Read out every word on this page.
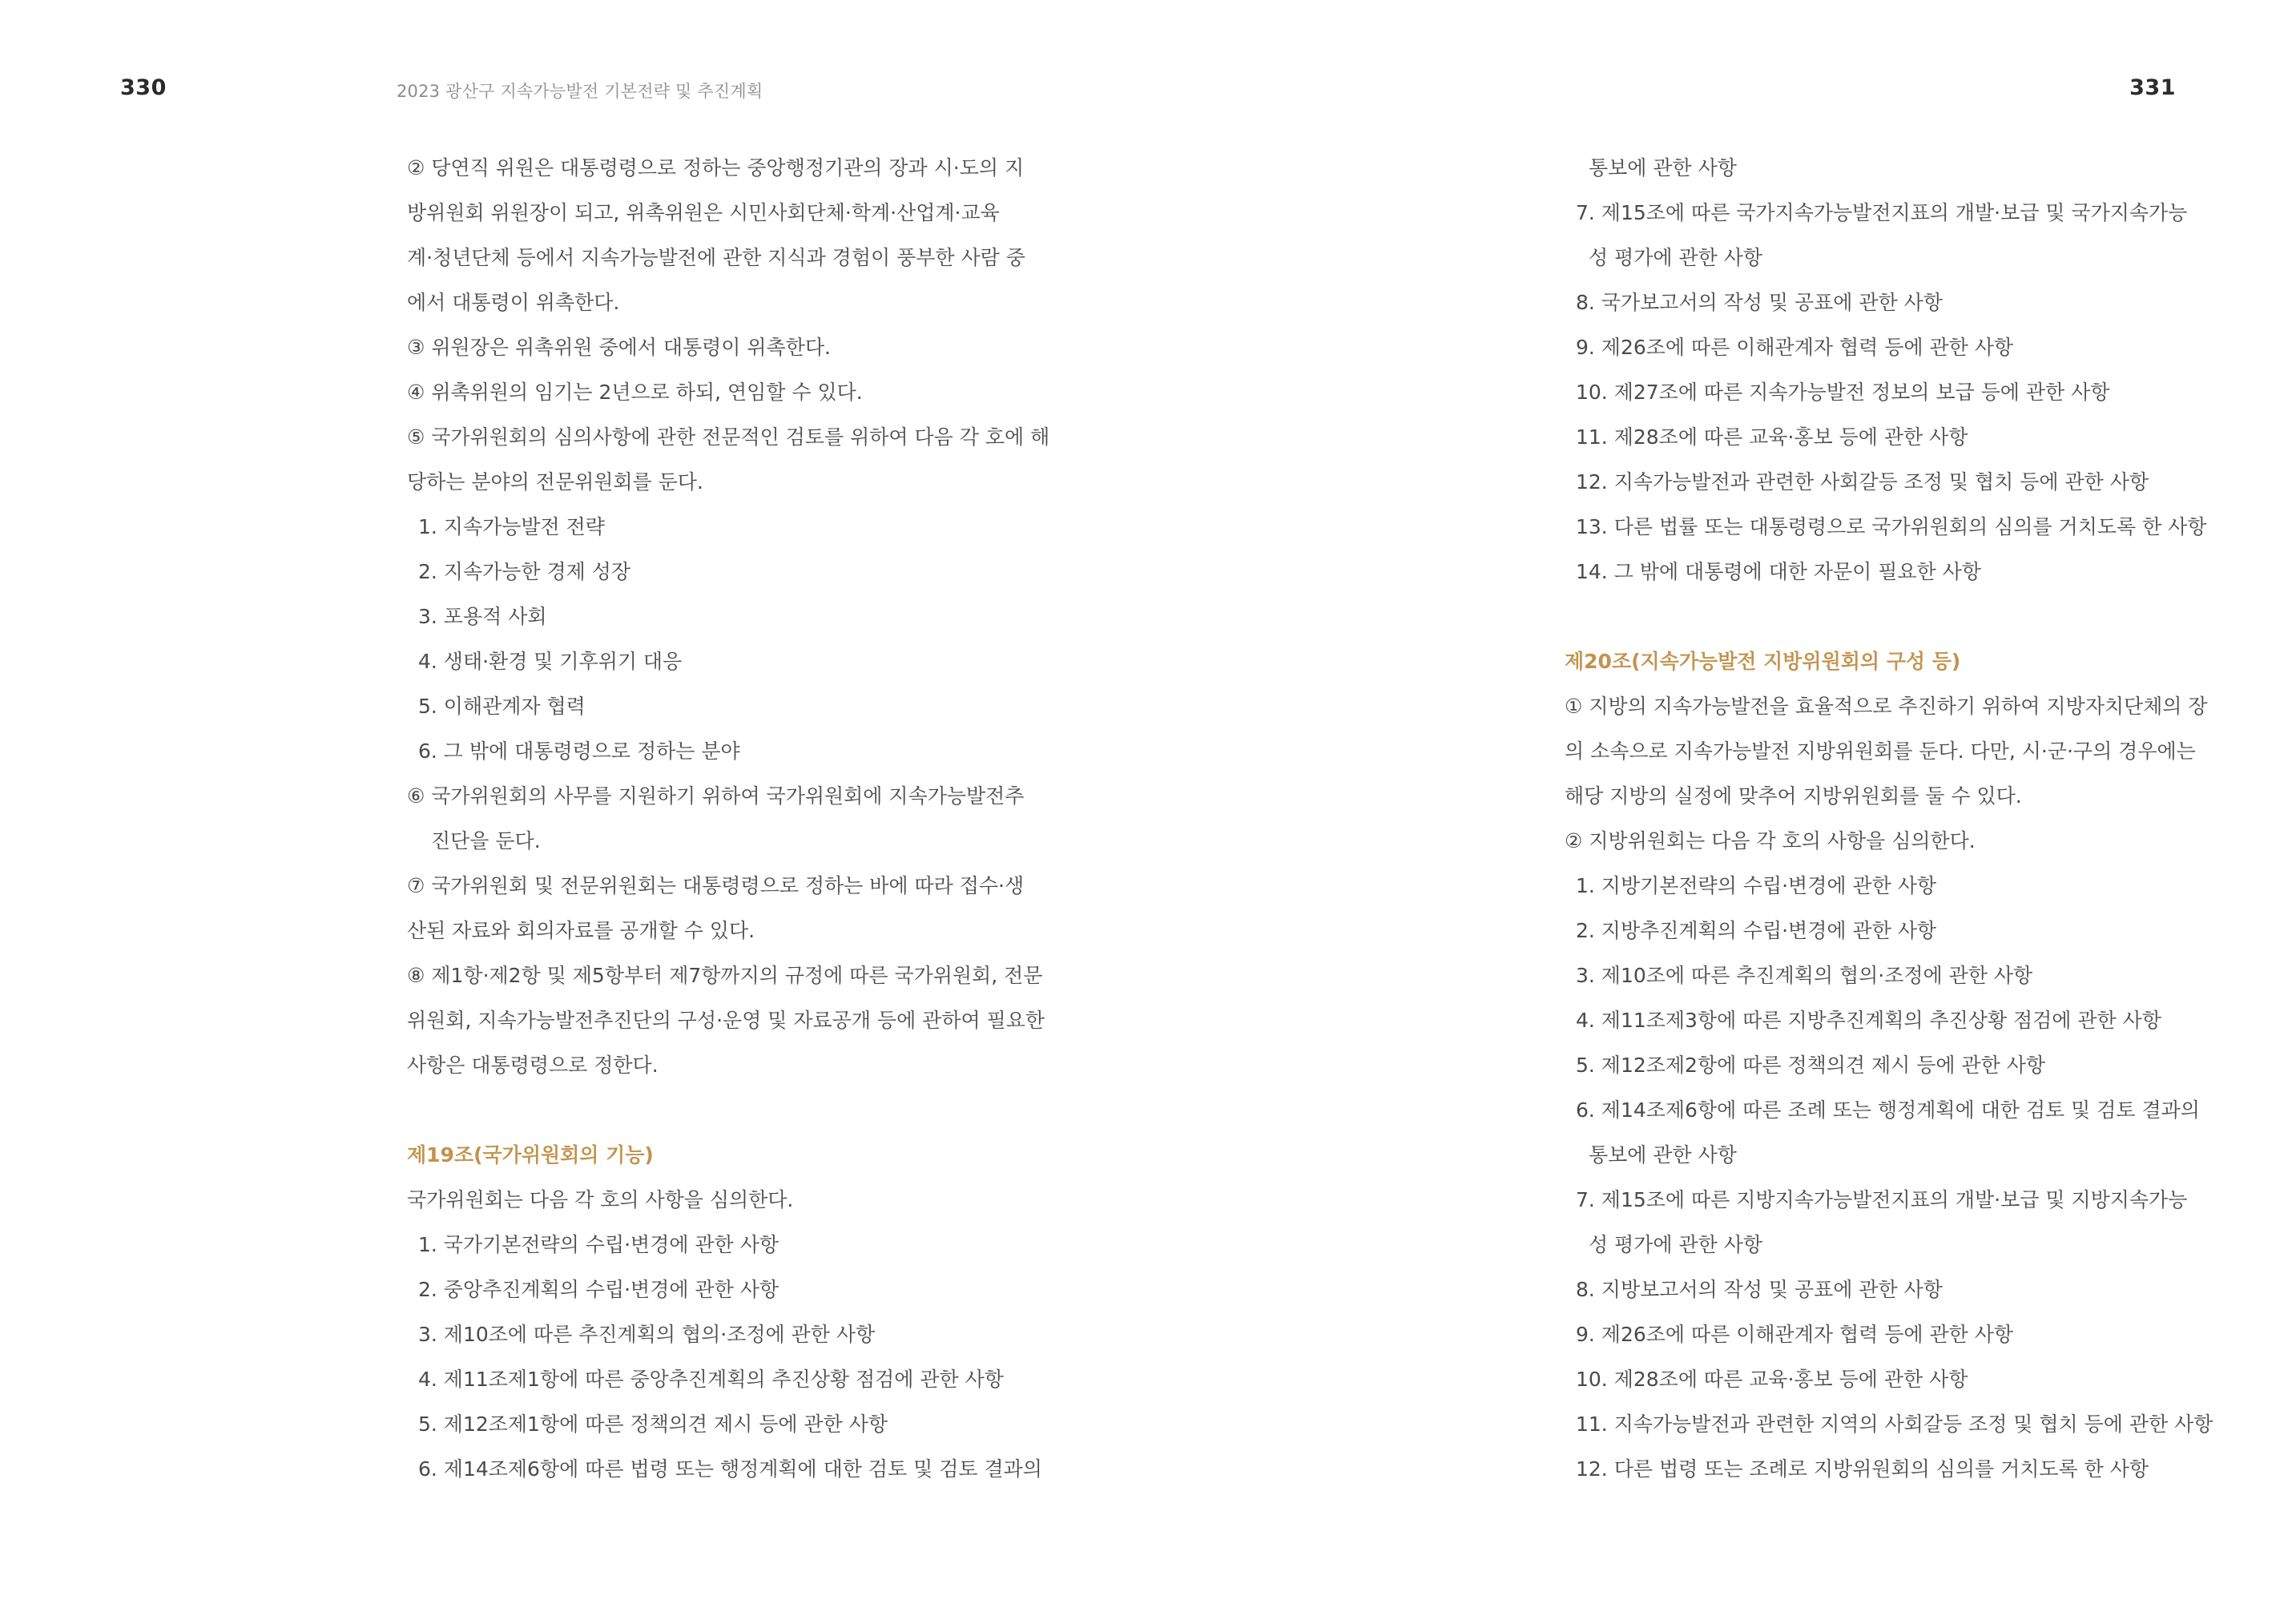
330	2023 광산구 지속가능발전 기본전략 및 추진계획	331
② 당연직 위원은 대통령령으로 정하는 중앙행정기관의 장과 시·도의 지
방위원회 위원장이 되고, 위촉위원은 시민사회단체·학계·산업계·교육
계·청년단체 등에서 지속가능발전에 관한 지식과 경험이 풍부한 사람 중
에서 대통령이 위촉한다.
③ 위원장은 위촉위원 중에서 대통령이 위촉한다.
④ 위촉위원의 임기는 2년으로 하되, 연임할 수 있다.
⑤ 국가위원회의 심의사항에 관한 전문적인 검토를 위하여 다음 각 호에 해
당하는 분야의 전문위원회를 둔다.
1. 지속가능발전 전략
2. 지속가능한 경제 성장
3. 포용적 사회
4. 생태·환경 및 기후위기 대응
5. 이해관계자 협력
6. 그 밖에 대통령령으로 정하는 분야
⑥ 국가위원회의 사무를 지원하기 위하여 국가위원회에 지속가능발전추
진단을 둔다.
⑦ 국가위원회 및 전문위원회는 대통령령으로 정하는 바에 따라 접수·생
산된 자료와 회의자료를 공개할 수 있다.
⑧ 제1항·제2항 및 제5항부터 제7항까지의 규정에 따른 국가위원회, 전문
위원회, 지속가능발전추진단의 구성·운영 및 자료공개 등에 관하여 필요한
사항은 대통령령으로 정한다.
제19조(국가위원회의 기능)
국가위원회는 다음 각 호의 사항을 심의한다.
1. 국가기본전략의 수립·변경에 관한 사항
2. 중앙추진계획의 수립·변경에 관한 사항
3. 제10조에 따른 추진계획의 협의·조정에 관한 사항
4. 제11조제1항에 따른 중앙추진계획의 추진상황 점검에 관한 사항
5. 제12조제1항에 따른 정책의견 제시 등에 관한 사항
6. 제14조제6항에 따른 법령 또는 행정계획에 대한 검토 및 검토 결과의
통보에 관한 사항
7. 제15조에 따른 국가지속가능발전지표의 개발·보급 및 국가지속가능
성 평가에 관한 사항
8. 국가보고서의 작성 및 공표에 관한 사항
9. 제26조에 따른 이해관계자 협력 등에 관한 사항
10. 제27조에 따른 지속가능발전 정보의 보급 등에 관한 사항
11. 제28조에 따른 교육·홍보 등에 관한 사항
12. 지속가능발전과 관련한 사회갈등 조정 및 협치 등에 관한 사항
13. 다른 법률 또는 대통령령으로 국가위원회의 심의를 거치도록 한 사항
14. 그 밖에 대통령에 대한 자문이 필요한 사항
제20조(지속가능발전 지방위원회의 구성 등)
① 지방의 지속가능발전을 효율적으로 추진하기 위하여 지방자치단체의 장
의 소속으로 지속가능발전 지방위원회를 둔다. 다만, 시·군·구의 경우에는
해당 지방의 실정에 맞추어 지방위원회를 둘 수 있다.
② 지방위원회는 다음 각 호의 사항을 심의한다.
1. 지방기본전략의 수립·변경에 관한 사항
2. 지방추진계획의 수립·변경에 관한 사항
3. 제10조에 따른 추진계획의 협의·조정에 관한 사항
4. 제11조제3항에 따른 지방추진계획의 추진상황 점검에 관한 사항
5. 제12조제2항에 따른 정책의견 제시 등에 관한 사항
6. 제14조제6항에 따른 조례 또는 행정계획에 대한 검토 및 검토 결과의
통보에 관한 사항
7. 제15조에 따른 지방지속가능발전지표의 개발·보급 및 지방지속가능
성 평가에 관한 사항
8. 지방보고서의 작성 및 공표에 관한 사항
9. 제26조에 따른 이해관계자 협력 등에 관한 사항
10. 제28조에 따른 교육·홍보 등에 관한 사항
11. 지속가능발전과 관련한 지역의 사회갈등 조정 및 협치 등에 관한 사항
12. 다른 법령 또는 조례로 지방위원회의 심의를 거치도록 한 사항
